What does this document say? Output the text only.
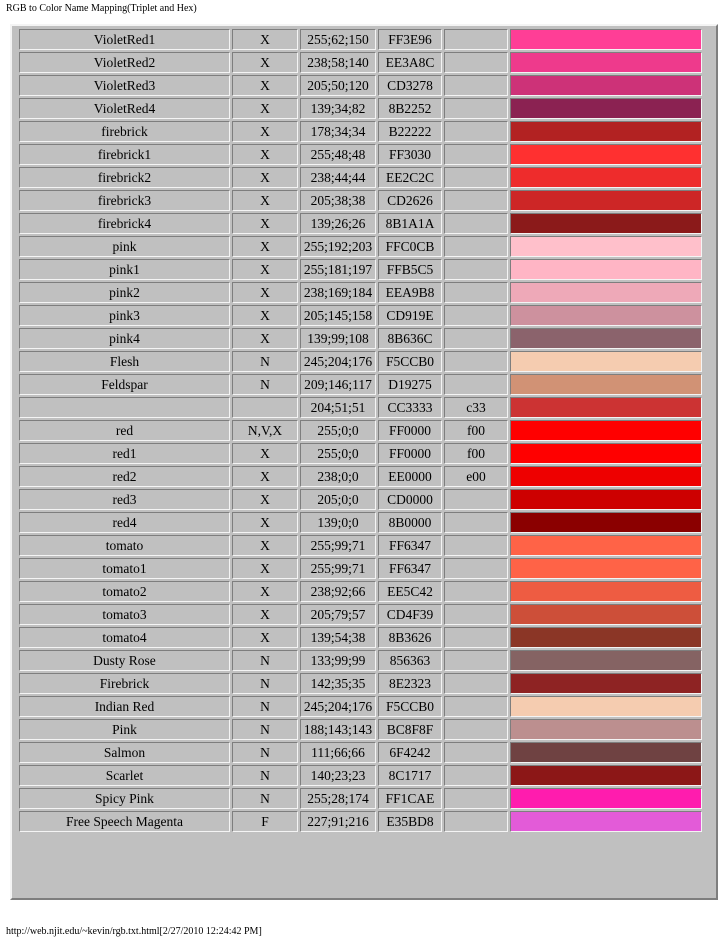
RGB to Color Name Mapping(Triplet and Hex)
VioletRed1	X	255;62;150	FF3E96		
VioletRed2	X	238;58;140	EE3A8C		
VioletRed3	X	205;50;120	CD3278		
VioletRed4	X	139;34;82	8B2252		
firebrick	X	178;34;34	B22222		
firebrick1	X	255;48;48	FF3030		
firebrick2	X	238;44;44	EE2C2C		
firebrick3	X	205;38;38	CD2626		
firebrick4	X	139;26;26	8B1A1A		
pink	X	255;192;203	FFC0CB		
pink1	X	255;181;197	FFB5C5		
pink2	X	238;169;184	EEA9B8		
pink3	X	205;145;158	CD919E		
pink4	X	139;99;108	8B636C		
Flesh	N	245;204;176	F5CCB0		
Feldspar	N	209;146;117	D19275		
		204;51;51	CC3333	c33	
red	N,V,X	255;0;0	FF0000	f00	
red1	X	255;0;0	FF0000	f00	
red2	X	238;0;0	EE0000	e00	
red3	X	205;0;0	CD0000		
red4	X	139;0;0	8B0000		
tomato	X	255;99;71	FF6347		
tomato1	X	255;99;71	FF6347		
tomato2	X	238;92;66	EE5C42		
tomato3	X	205;79;57	CD4F39		
tomato4	X	139;54;38	8B3626		
Dusty Rose	N	133;99;99	856363		
Firebrick	N	142;35;35	8E2323		
Indian Red	N	245;204;176	F5CCB0		
Pink	N	188;143;143	BC8F8F		
Salmon	N	111;66;66	6F4242		
Scarlet	N	140;23;23	8C1717		
Spicy Pink	N	255;28;174	FF1CAE		
Free Speech Magenta	F	227;91;216	E35BD8		
http://web.njit.edu/~kevin/rgb.txt.html[2/27/2010 12:24:42 PM]
